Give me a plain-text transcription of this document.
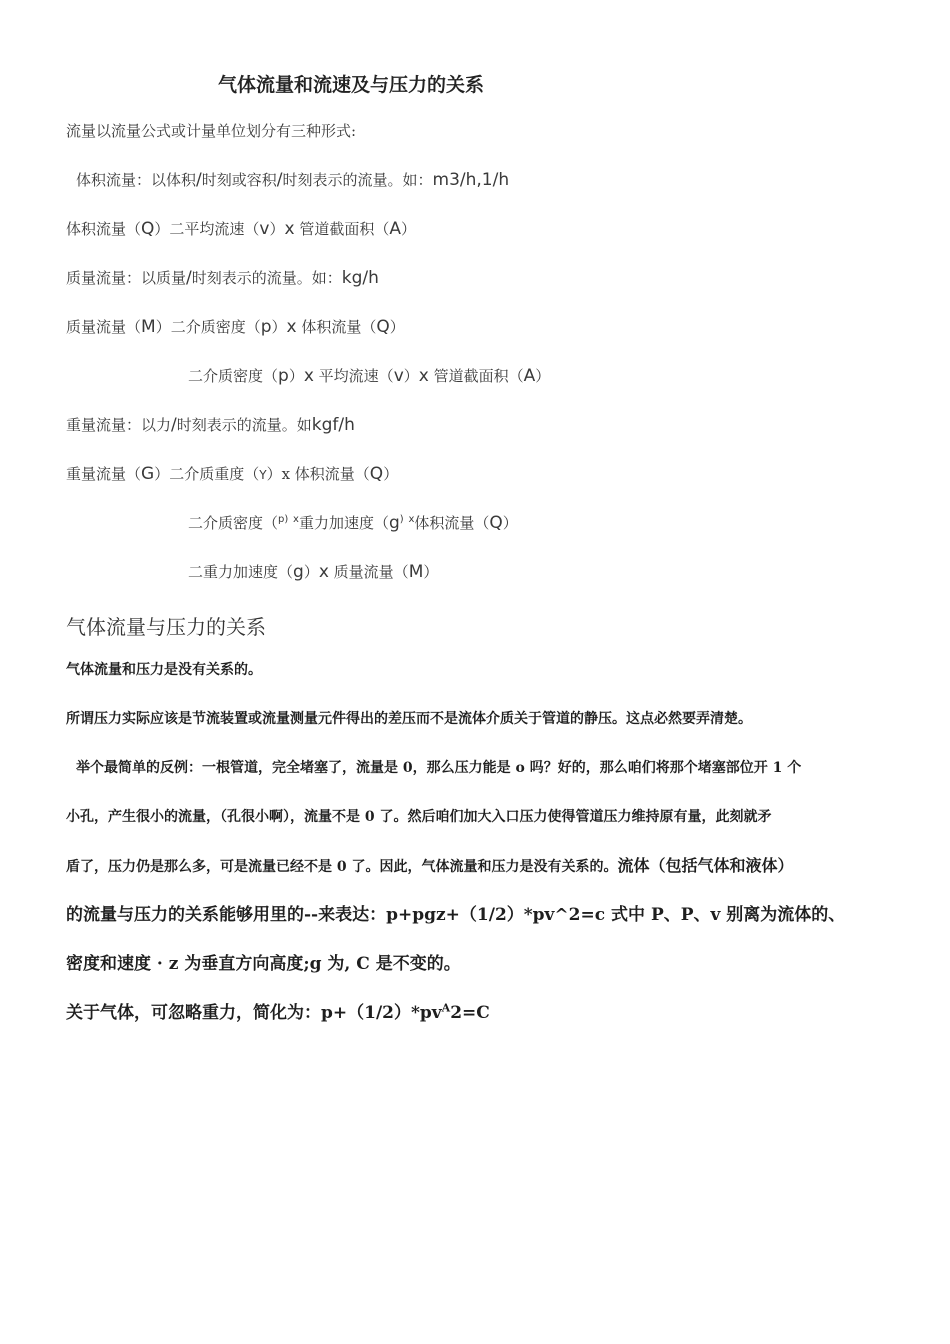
气体流量和流速及与压力的关系
流量以流量公式或计量单位划分有三种形式:
体积流量：以体积/时刻或容积/时刻表示的流量。如：m3/h,1/h
体积流量（Q）二平均流速（v）x 管道截面积（A）
质量流量：以质量/时刻表示的流量。如：kg/h
质量流量（M）二介质密度（p）x 体积流量（Q）
二介质密度（p）x 平均流速（v）x 管道截面积（A）
重量流量：以力/时刻表示的流量。如kgf/h
重量流量（G）二介质重度（Y）x 体积流量（Q）
二介质密度（$^{p)}$ $^x$重力加速度（g) $^x$体积流量（Q）
二重力加速度（g）x 质量流量（M）
气体流量与压力的关系
气体流量和压力是没有关系的。
所谓压力实际应该是节流装置或流量测量元件得出的差压而不是流体介质关于管道的静压。这点必然要弄清楚。
举个最简单的反例：一根管道，完全堵塞了，流量是 0，那么压力能是 o 吗？好的，那么咱们将那个堵塞部位开 1 个
小孔，产生很小的流量，（孔很小啊），流量不是 0 了。然后咱们加大入口压力使得管道压力维持原有量，此刻就矛
盾了，压力仍是那么多，可是流量已经不是 0 了。因此，气体流量和压力是没有关系的。流体（包括气体和液体）
的流量与压力的关系能够用里的--来表达：p+pgz+（1/2）*pv^2=c 式中 P、P、v 别离为流体的、
密度和速度 · z 为垂直方向高度;g 为, C 是不变的。
关于气体，可忽略重力，简化为：$p+(1/2)*pv^A2=C$
